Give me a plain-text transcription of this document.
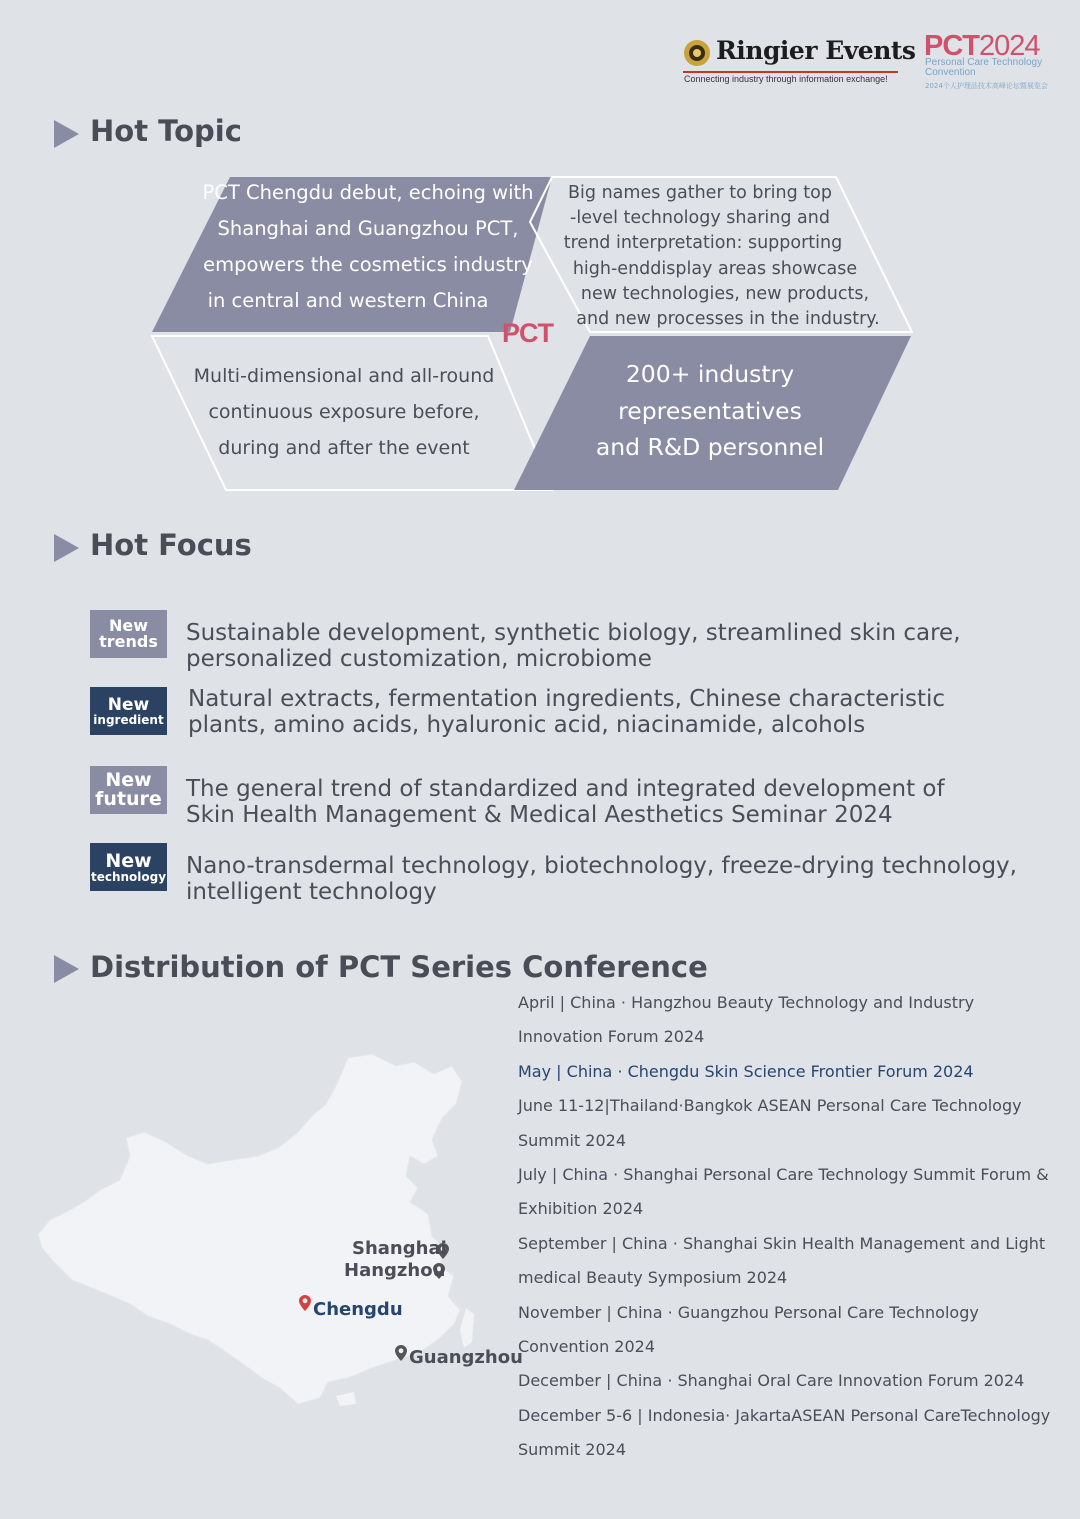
Ringier Events
Connecting industry through information exchange!
PCT2024
Personal Care Technology
Convention
2024个人护理品技术高峰论坛暨展览会
Hot Topic
PCT Chengdu debut, echoing with
Shanghai and Guangzhou PCT,
empowers the cosmetics industry
in central and western China
Big names gather to bring top
-level technology sharing and
trend interpretation: supporting
high-enddisplay areas showcase
new technologies, new products,
and new processes in the industry.
PCT
Multi-dimensional and all-round
continuous exposure before,
during and after the event
200+ industry
representatives
and R&D personnel
Hot Focus
New
trends Sustainable development, synthetic biology, streamlined skin care,
personalized customization, microbiome
New
ingredient
Natural extracts, fermentation ingredients, Chinese characteristic
plants, amino acids, hyaluronic acid, niacinamide, alcohols
New
future The general trend of standardized and integrated development of
Skin Health Management & Medical Aesthetics Seminar 2024
New
technology Nano-transdermal technology, biotechnology, freeze-drying technology,
intelligent technology
Distribution of PCT Series Conference
Shanghai
Hangzhou
Chengdu
Guangzhou
April | China · Hangzhou Beauty Technology and Industry Innovation Forum 2024
May | China · Chengdu Skin Science Frontier Forum 2024
June 11-12|Thailand·Bangkok ASEAN Personal Care Technology Summit 2024
July | China · Shanghai Personal Care Technology Summit Forum & Exhibition 2024
September | China · Shanghai Skin Health Management and Light medical Beauty Symposium 2024
November | China · Guangzhou Personal Care Technology Convention 2024
December | China · Shanghai Oral Care Innovation Forum 2024
December 5-6 | Indonesia· JakartaASEAN Personal CareTechnology Summit 2024
